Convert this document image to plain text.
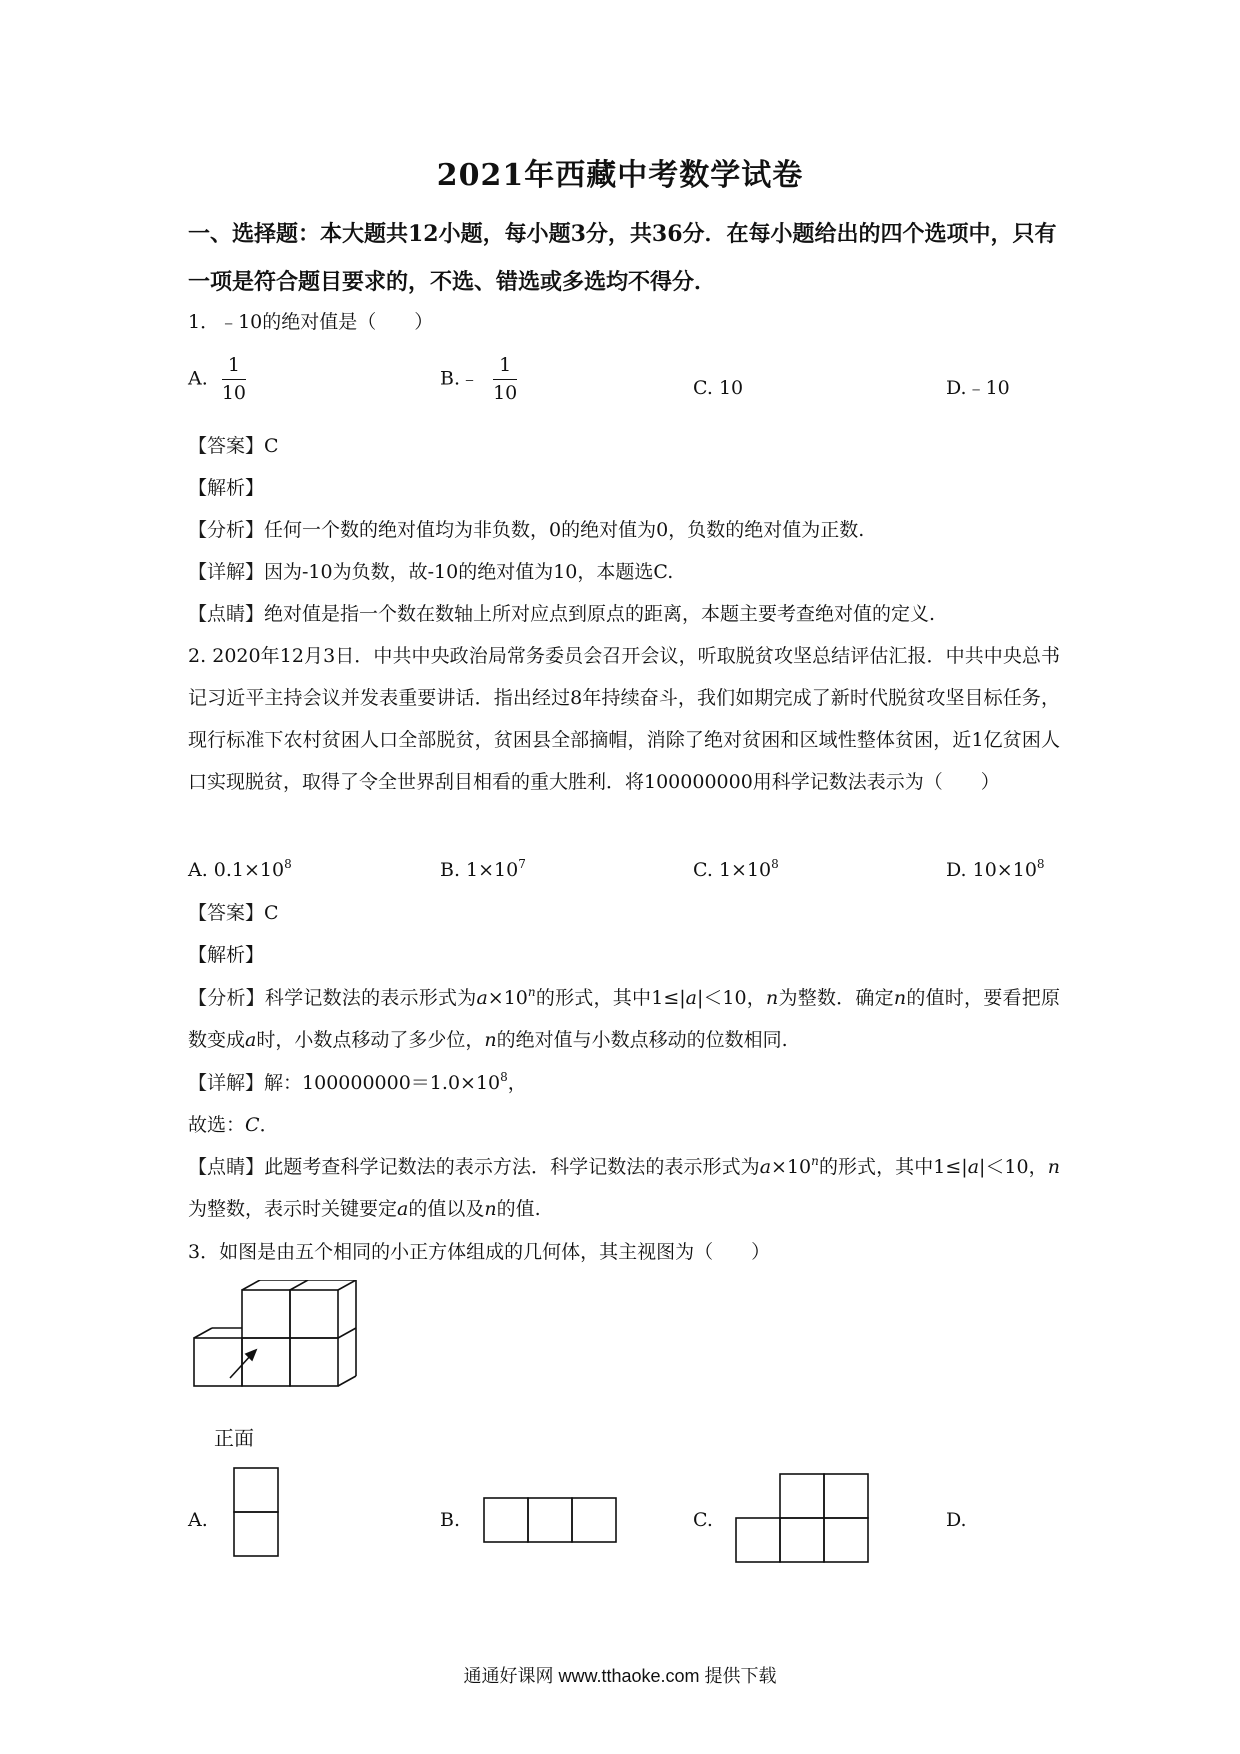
2021年西藏中考数学试卷
一、选择题：本大题共12小题，每小题3分，共36分．在每小题给出的四个选项中，只有一项是符合题目要求的，不选、错选或多选均不得分．
1．﹣10的绝对值是（　　）
A. $\frac{1}{10}$	B.﹣ $\frac{1}{10}$	C. 10	D.﹣10
【答案】C
【解析】
【分析】任何一个数的绝对值均为非负数，0的绝对值为0，负数的绝对值为正数.
【详解】因为-10为负数，故-10的绝对值为10，本题选C.
【点睛】绝对值是指一个数在数轴上所对应点到原点的距离，本题主要考查绝对值的定义.
2. 2020年12月3日．中共中央政治局常务委员会召开会议，听取脱贫攻坚总结评估汇报．中共中央总书记习近平主持会议并发表重要讲话．指出经过8年持续奋斗，我们如期完成了新时代脱贫攻坚目标任务，现行标准下农村贫困人口全部脱贫，贫困县全部摘帽，消除了绝对贫困和区域性整体贫困，近1亿贫困人口实现脱贫，取得了令全世界刮目相看的重大胜利．将100000000用科学记数法表示为（　　）
A. $0.1\times 10^8$	B. $1\times 10^7$	C. $1\times 10^8$	D. $10\times 10^8$
【答案】C
【解析】
【分析】科学记数法的表示形式为$a\times 10^n$的形式，其中1≤|a|＜10，n为整数．确定n的值时，要看把原数变成a时，小数点移动了多少位，n的绝对值与小数点移动的位数相同.
【详解】解：$100000000=1.0\times 10^8$，
故选：C．
【点睛】此题考查科学记数法的表示方法．科学记数法的表示形式为$a\times 10^n$的形式，其中1≤|a|＜10，n为整数，表示时关键要定a的值以及n的值.
3．如图是由五个相同的小正方体组成的几何体，其主视图为（　　）
正面
A.	B.	C.	D.
通通好课网 www.tthaoke.com 提供下载
